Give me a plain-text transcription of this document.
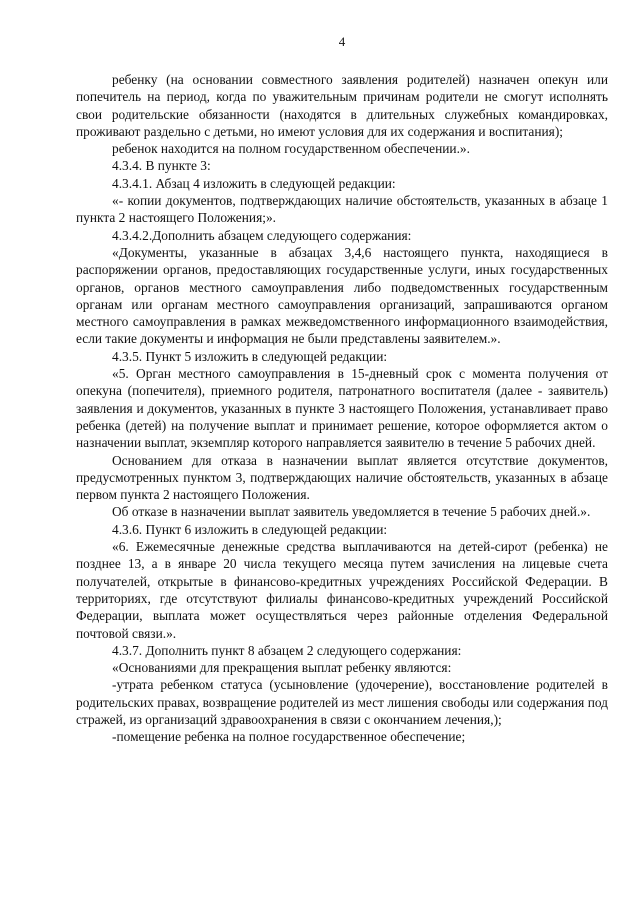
4

ребенку (на основании совместного заявления родителей) назначен опекун или попечитель на период, когда по уважительным причинам родители не смогут исполнять свои родительские обязанности (находятся в длительных служебных командировках, проживают раздельно с детьми, но имеют условия для их содержания и воспитания);

ребенок находится на полном государственном обеспечении.».

4.3.4. В пункте 3:

4.3.4.1. Абзац 4 изложить в следующей редакции:

«- копии документов, подтверждающих наличие обстоятельств, указанных в абзаце 1 пункта 2 настоящего Положения;».

4.3.4.2.Дополнить абзацем следующего содержания:

«Документы, указанные в абзацах 3,4,6 настоящего пункта, находящиеся в распоряжении органов, предоставляющих государственные услуги, иных государственных органов, органов местного самоуправления либо подведомственных государственным органам или органам местного самоуправления организаций, запрашиваются органом местного самоуправления в рамках межведомственного информационного взаимодействия, если такие документы и информация не были представлены заявителем.».

4.3.5. Пункт 5 изложить в следующей редакции:

«5. Орган местного самоуправления в 15-дневный срок с момента получения от опекуна (попечителя), приемного родителя, патронатного воспитателя (далее - заявитель) заявления и документов, указанных в пункте 3 настоящего Положения, устанавливает право ребенка (детей) на получение выплат и принимает решение, которое оформляется актом о назначении выплат, экземпляр которого направляется заявителю в течение 5 рабочих дней.

Основанием для отказа в назначении выплат является отсутствие документов, предусмотренных пунктом 3, подтверждающих наличие обстоятельств, указанных в абзаце первом пункта 2 настоящего Положения.

Об отказе в назначении выплат заявитель уведомляется в течение 5 рабочих дней.».

4.3.6. Пункт 6 изложить в следующей редакции:

«6. Ежемесячные денежные средства выплачиваются на детей-сирот (ребенка) не позднее 13, а в январе 20 числа текущего месяца путем зачисления на лицевые счета получателей, открытые в финансово-кредитных учреждениях Российской Федерации. В территориях, где отсутствуют филиалы финансово-кредитных учреждений Российской Федерации, выплата может осуществляться через районные отделения Федеральной почтовой связи.».

4.3.7. Дополнить пункт 8 абзацем 2 следующего содержания:

«Основаниями для прекращения выплат ребенку являются:

-утрата ребенком статуса (усыновление (удочерение), восстановление родителей в родительских правах, возвращение родителей из мест лишения свободы или содержания под стражей, из организаций здравоохранения в связи с окончанием лечения,);

-помещение ребенка на полное государственное обеспечение;
